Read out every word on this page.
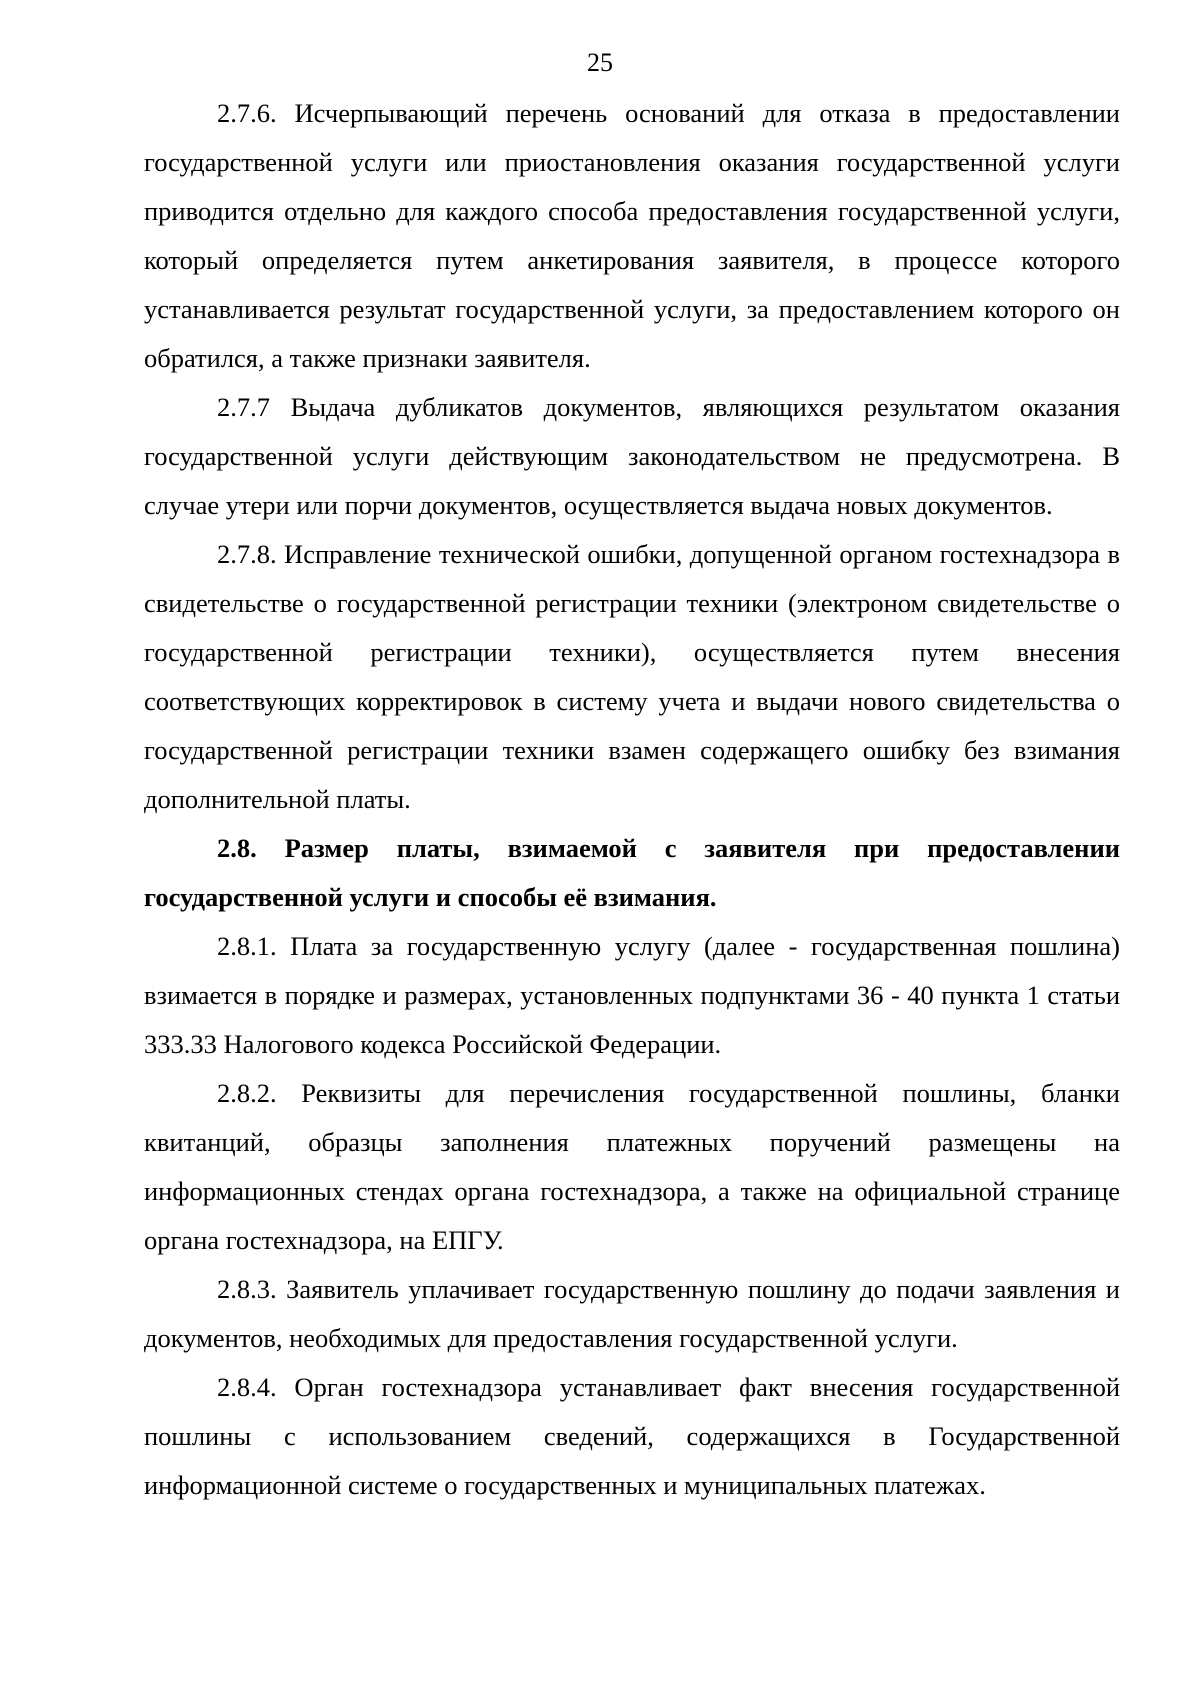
25

2.7.6. Исчерпывающий перечень оснований для отказа в предоставлении государственной услуги или приостановления оказания государственной услуги приводится отдельно для каждого способа предоставления государственной услуги, который определяется путем анкетирования заявителя, в процессе которого устанавливается результат государственной услуги, за предоставлением которого он обратился, а также признаки заявителя.

2.7.7 Выдача дубликатов документов, являющихся результатом оказания государственной услуги действующим законодательством не предусмотрена. В случае утери или порчи документов, осуществляется выдача новых документов.

2.7.8. Исправление технической ошибки, допущенной органом гостехнадзора в свидетельстве о государственной регистрации техники (электроном свидетельстве о государственной регистрации техники), осуществляется путем внесения соответствующих корректировок в систему учета и выдачи нового свидетельства о государственной регистрации техники взамен содержащего ошибку без взимания дополнительной платы.

2.8. Размер платы, взимаемой с заявителя при предоставлении государственной услуги и способы её взимания.

2.8.1. Плата за государственную услугу (далее - государственная пошлина) взимается в порядке и размерах, установленных подпунктами 36 - 40 пункта 1 статьи 333.33 Налогового кодекса Российской Федерации.

2.8.2. Реквизиты для перечисления государственной пошлины, бланки квитанций, образцы заполнения платежных поручений размещены на информационных стендах органа гостехнадзора, а также на официальной странице органа гостехнадзора, на ЕПГУ.

2.8.3. Заявитель уплачивает государственную пошлину до подачи заявления и документов, необходимых для предоставления государственной услуги.

2.8.4. Орган гостехнадзора устанавливает факт внесения государственной пошлины с использованием сведений, содержащихся в Государственной информационной системе о государственных и муниципальных платежах.
